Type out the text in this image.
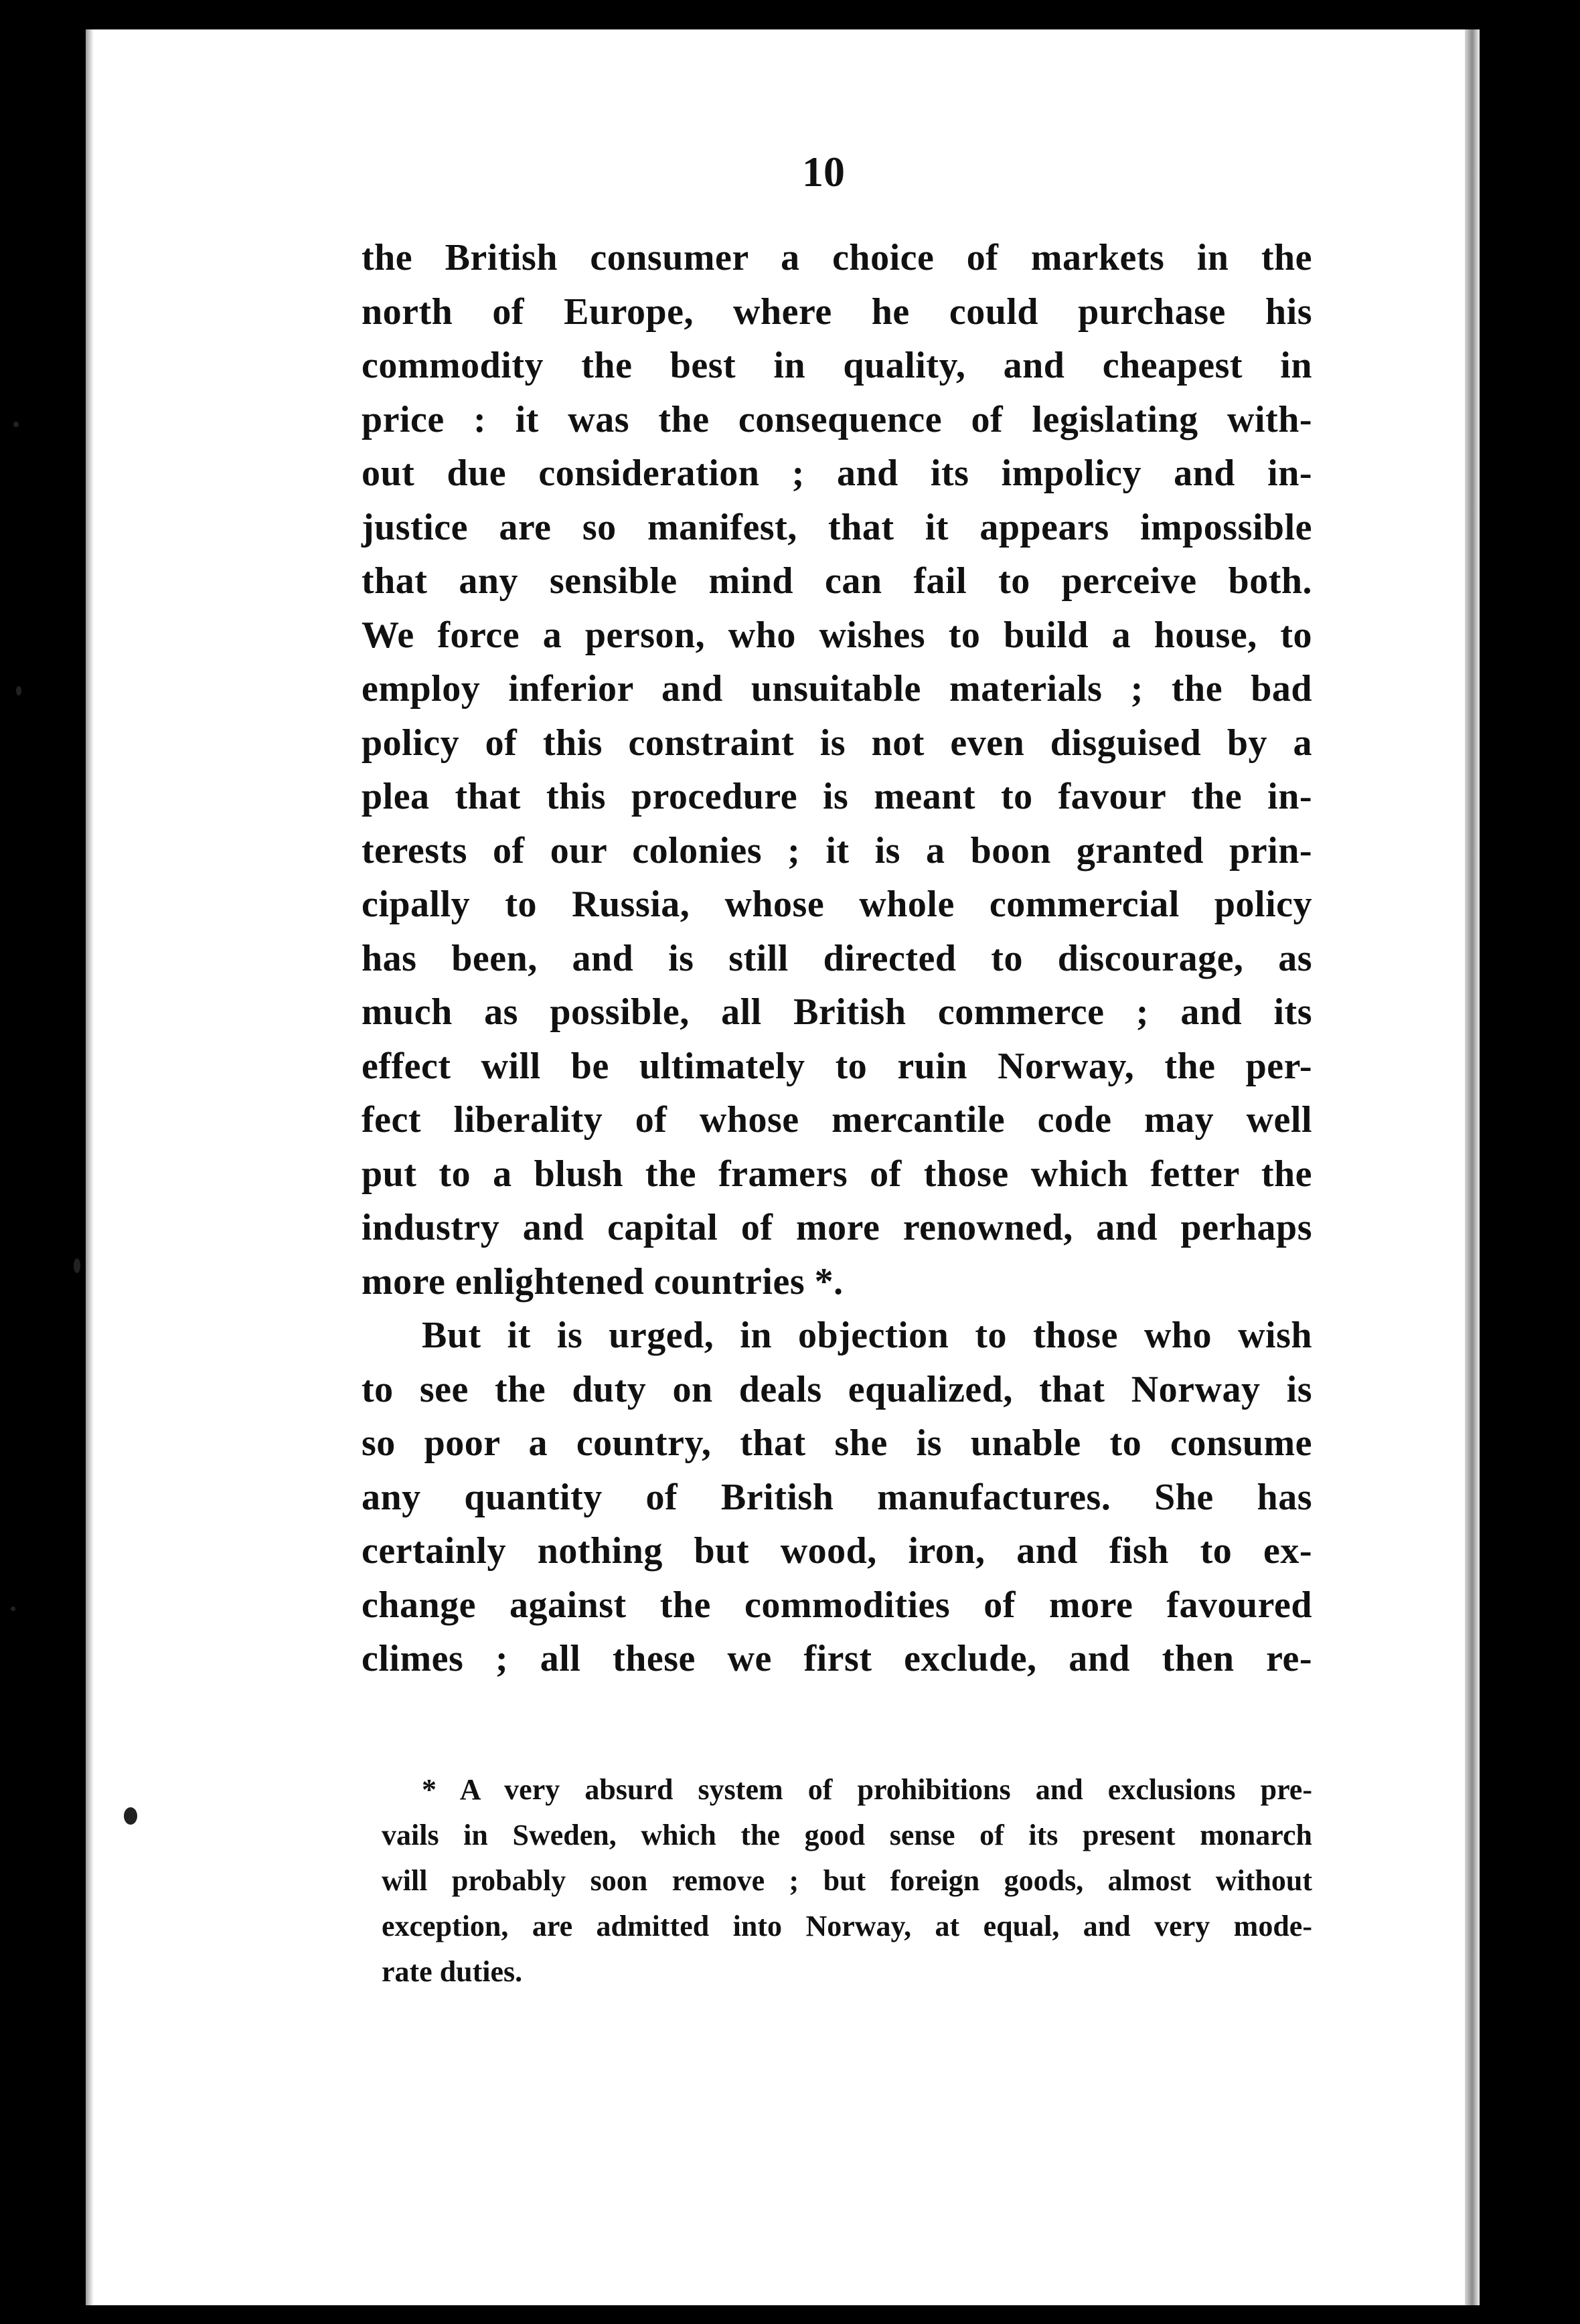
10
the British consumer a choice of markets in the
north of Europe, where he could purchase his
commodity the best in quality, and cheapest in
price : it was the consequence of legislating with-
out due consideration ; and its impolicy and in-
justice are so manifest, that it appears impossible
that any sensible mind can fail to perceive both.
We force a person, who wishes to build a house, to
employ inferior and unsuitable materials ; the bad
policy of this constraint is not even disguised by a
plea that this procedure is meant to favour the in-
terests of our colonies ; it is a boon granted prin-
cipally to Russia, whose whole commercial policy
has been, and is still directed to discourage, as
much as possible, all British commerce ; and its
effect will be ultimately to ruin Norway, the per-
fect liberality of whose mercantile code may well
put to a blush the framers of those which fetter the
industry and capital of more renowned, and perhaps
more enlightened countries *.
But it is urged, in objection to those who wish
to see the duty on deals equalized, that Norway is
so poor a country, that she is unable to consume
any quantity of British manufactures. She has
certainly nothing but wood, iron, and fish to ex-
change against the commodities of more favoured
climes ; all these we first exclude, and then re-
* A very absurd system of prohibitions and exclusions pre-
vails in Sweden, which the good sense of its present monarch
will probably soon remove ; but foreign goods, almost without
exception, are admitted into Norway, at equal, and very mode-
rate duties.
